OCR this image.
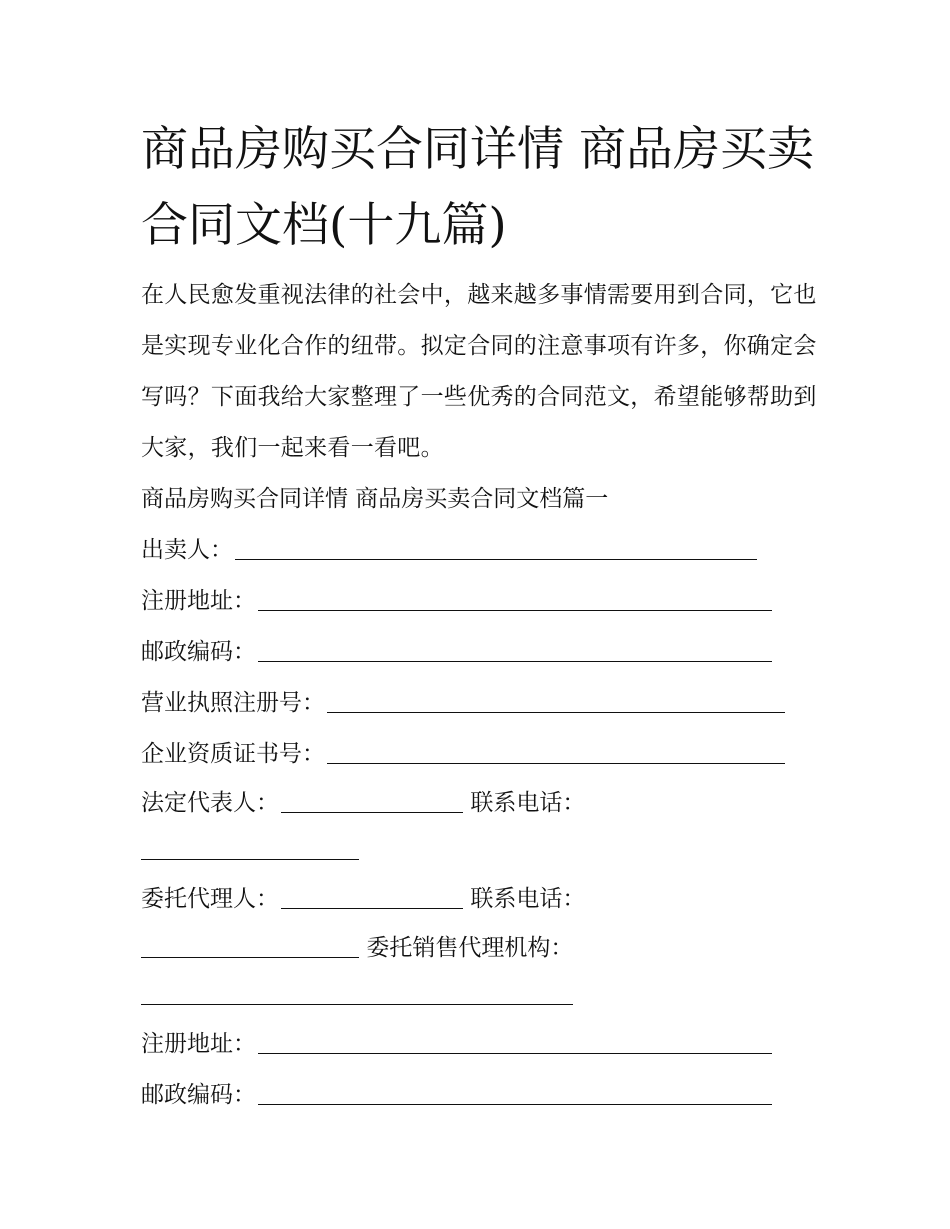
商品房购买合同详情 商品房买卖合同文档(十九篇)

在人民愈发重视法律的社会中，越来越多事情需要用到合同，它也是实现专业化合作的纽带。拟定合同的注意事项有许多，你确定会写吗？下面我给大家整理了一些优秀的合同范文，希望能够帮助到大家，我们一起来看一看吧。

商品房购买合同详情 商品房买卖合同文档篇一
出卖人：
注册地址：
邮政编码：
营业执照注册号：
企业资质证书号：
法定代表人：	联系电话：
委托代理人：	联系电话：
委托销售代理机构：
注册地址：
邮政编码：
